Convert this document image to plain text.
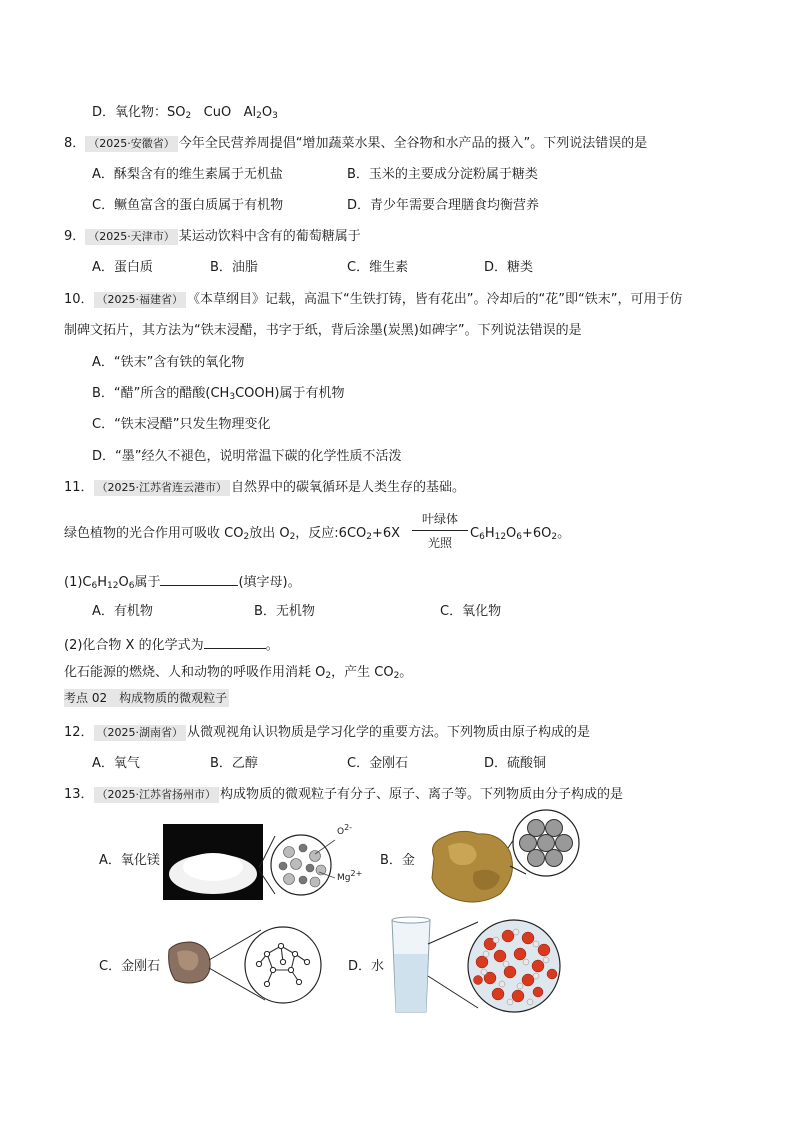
D．氧化物：$SO_2$ CuO $Al_2O_3$
8． （2025·安徽省） 今年全民营养周提倡“增加蔬菜水果、全谷物和水产品的摄入”。下列说法错误的是
A．酥梨含有的维生素属于无机盐	B．玉米的主要成分淀粉属于糖类
C．鳜鱼富含的蛋白质属于有机物	D．青少年需要合理膳食均衡营养
9． （2025·天津市） 某运动饮料中含有的葡萄糖属于
A．蛋白质	B．油脂	C．维生素	D．糖类
10． （2025·福建省） 《本草纲目》记载，高温下“生铁打铸，皆有花出”。冷却后的“花”即“铁末”，可用于仿
制碑文拓片，其方法为“铁末浸醋，书字于纸，背后涂墨(炭黑)如碑字”。下列说法错误的是
A．“铁末”含有铁的氧化物
B．“醋”所含的醋酸$(CH_3COOH)$属于有机物
C．“铁末浸醋”只发生物理变化
D．“墨”经久不褪色，说明常温下碳的化学性质不活泼
11． （2025·江苏省连云港市） 自然界中的碳氧循环是人类生存的基础。
绿色植物的光合作用可吸收 $CO_2$放出 $O_2$，反应$:6CO_2+6X$
叶绿体
光照
$C_6H_{12}O_6+6O_2$。
$(1)C_6H_{12}O_6$属于	(填字母)。
A．有机物	B．无机物	C．氧化物
(2)化合物 X 的化学式为	。
化石能源的燃烧、人和动物的呼吸作用消耗 $O_2$，产生 $CO_2$。
考点 02　构成物质的微观粒子
12． （2025·湖南省） 从微观视角认识物质是学习化学的重要方法。下列物质由原子构成的是
A．氧气	B．乙醇	C．金刚石	D．硫酸铜
13． （2025·江苏省扬州市） 构成物质的微观粒子有分子、原子、离子等。下列物质由分子构成的是
A．氧化镁
$O^{2-}$
$Mg^{2+}$
B．金
C．金刚石	D．水
